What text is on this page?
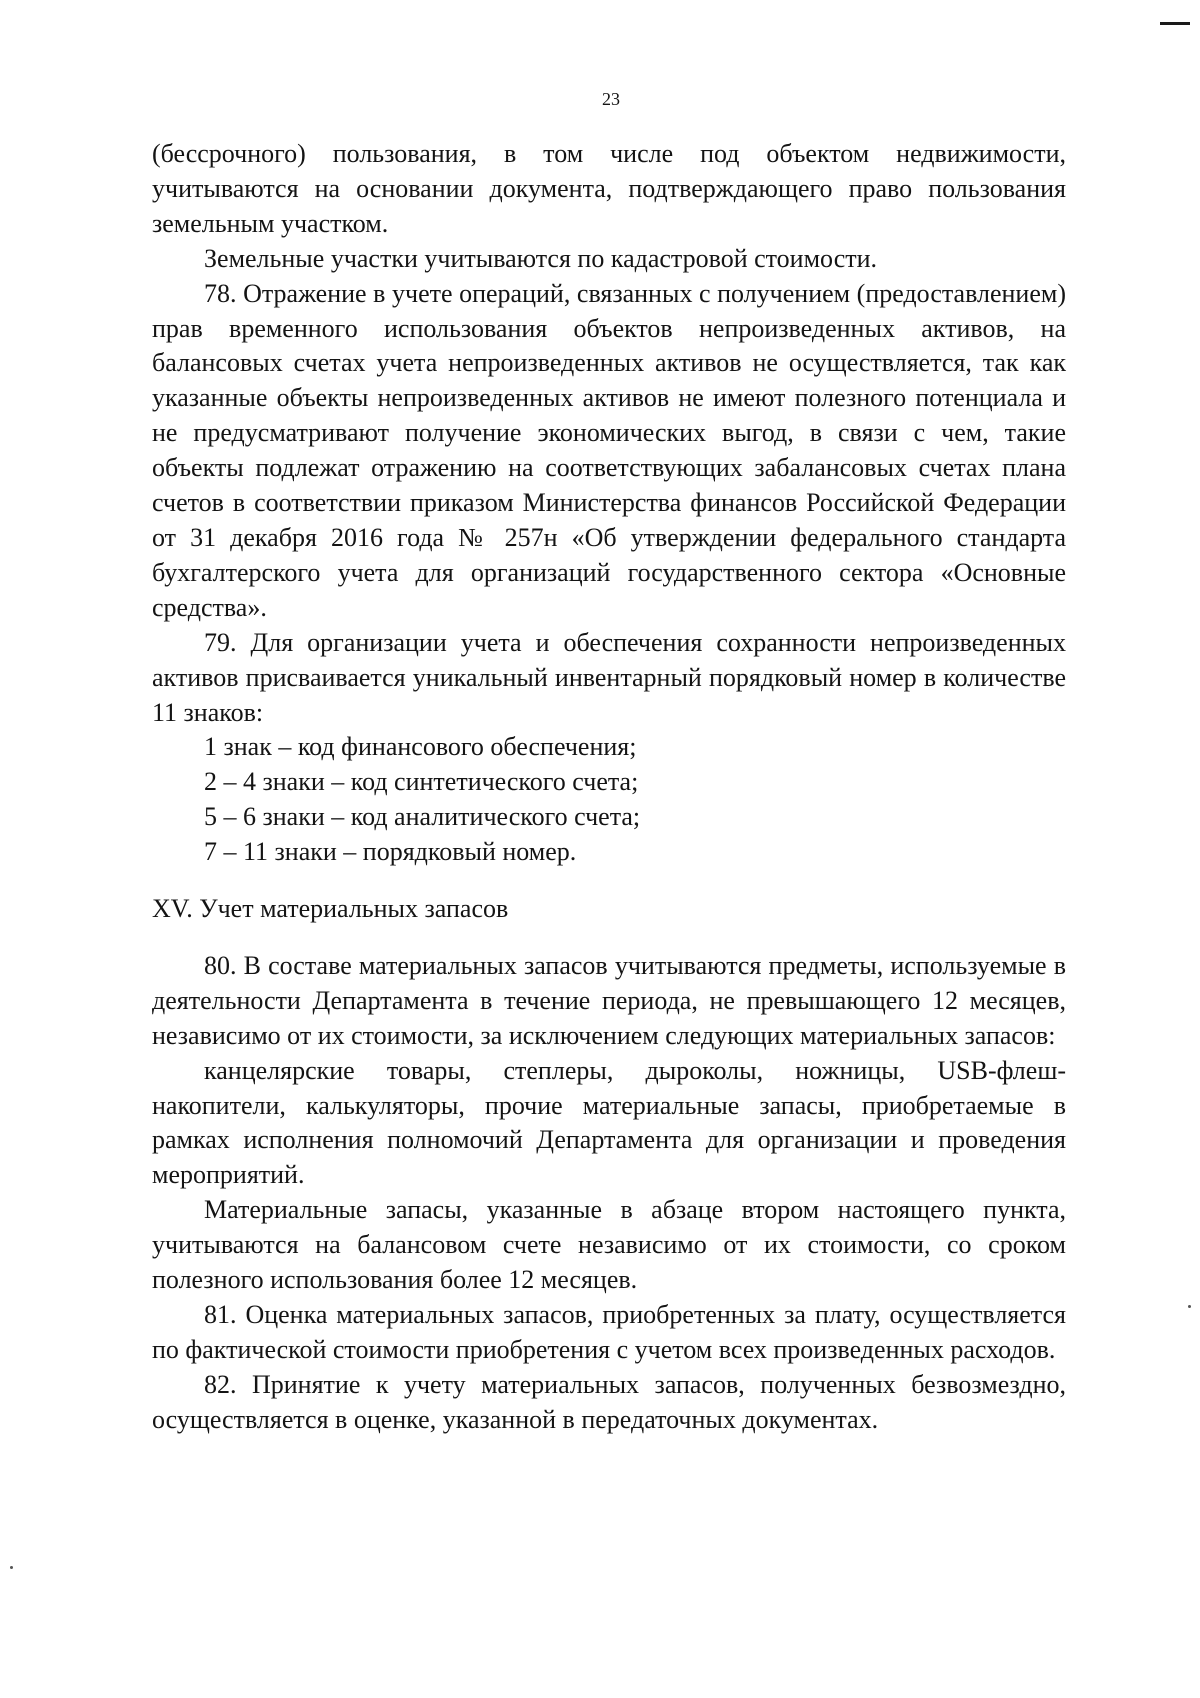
23

(бессрочного) пользования, в том числе под объектом недвижимости, учитываются на основании документа, подтверждающего право пользования земельным участком.

Земельные участки учитываются по кадастровой стоимости.

78. Отражение в учете операций, связанных с получением (предоставлением) прав временного использования объектов непроизведенных активов, на балансовых счетах учета непроизведенных активов не осуществляется, так как указанные объекты непроизведенных активов не имеют полезного потенциала и не предусматривают получение экономических выгод, в связи с чем, такие объекты подлежат отражению на соответствующих забалансовых счетах плана счетов в соответствии приказом Министерства финансов Российской Федерации от 31 декабря 2016 года № 257н «Об утверждении федерального стандарта бухгалтерского учета для организаций государственного сектора «Основные средства».

79. Для организации учета и обеспечения сохранности непроизведенных активов присваивается уникальный инвентарный порядковый номер в количестве 11 знаков:

1 знак – код финансового обеспечения;

2 – 4 знаки – код синтетического счета;

5 – 6 знаки – код аналитического счета;

7 – 11 знаки – порядковый номер.

XV. Учет материальных запасов

80. В составе материальных запасов учитываются предметы, используемые в деятельности Департамента в течение периода, не превышающего 12 месяцев, независимо от их стоимости, за исключением следующих материальных запасов:

канцелярские товары, степлеры, дыроколы, ножницы, USB-флеш-накопители, калькуляторы, прочие материальные запасы, приобретаемые в рамках исполнения полномочий Департамента для организации и проведения мероприятий.

Материальные запасы, указанные в абзаце втором настоящего пункта, учитываются на балансовом счете независимо от их стоимости, со сроком полезного использования более 12 месяцев.

81. Оценка материальных запасов, приобретенных за плату, осуществляется по фактической стоимости приобретения с учетом всех произведенных расходов.

82. Принятие к учету материальных запасов, полученных безвозмездно, осуществляется в оценке, указанной в передаточных документах.
